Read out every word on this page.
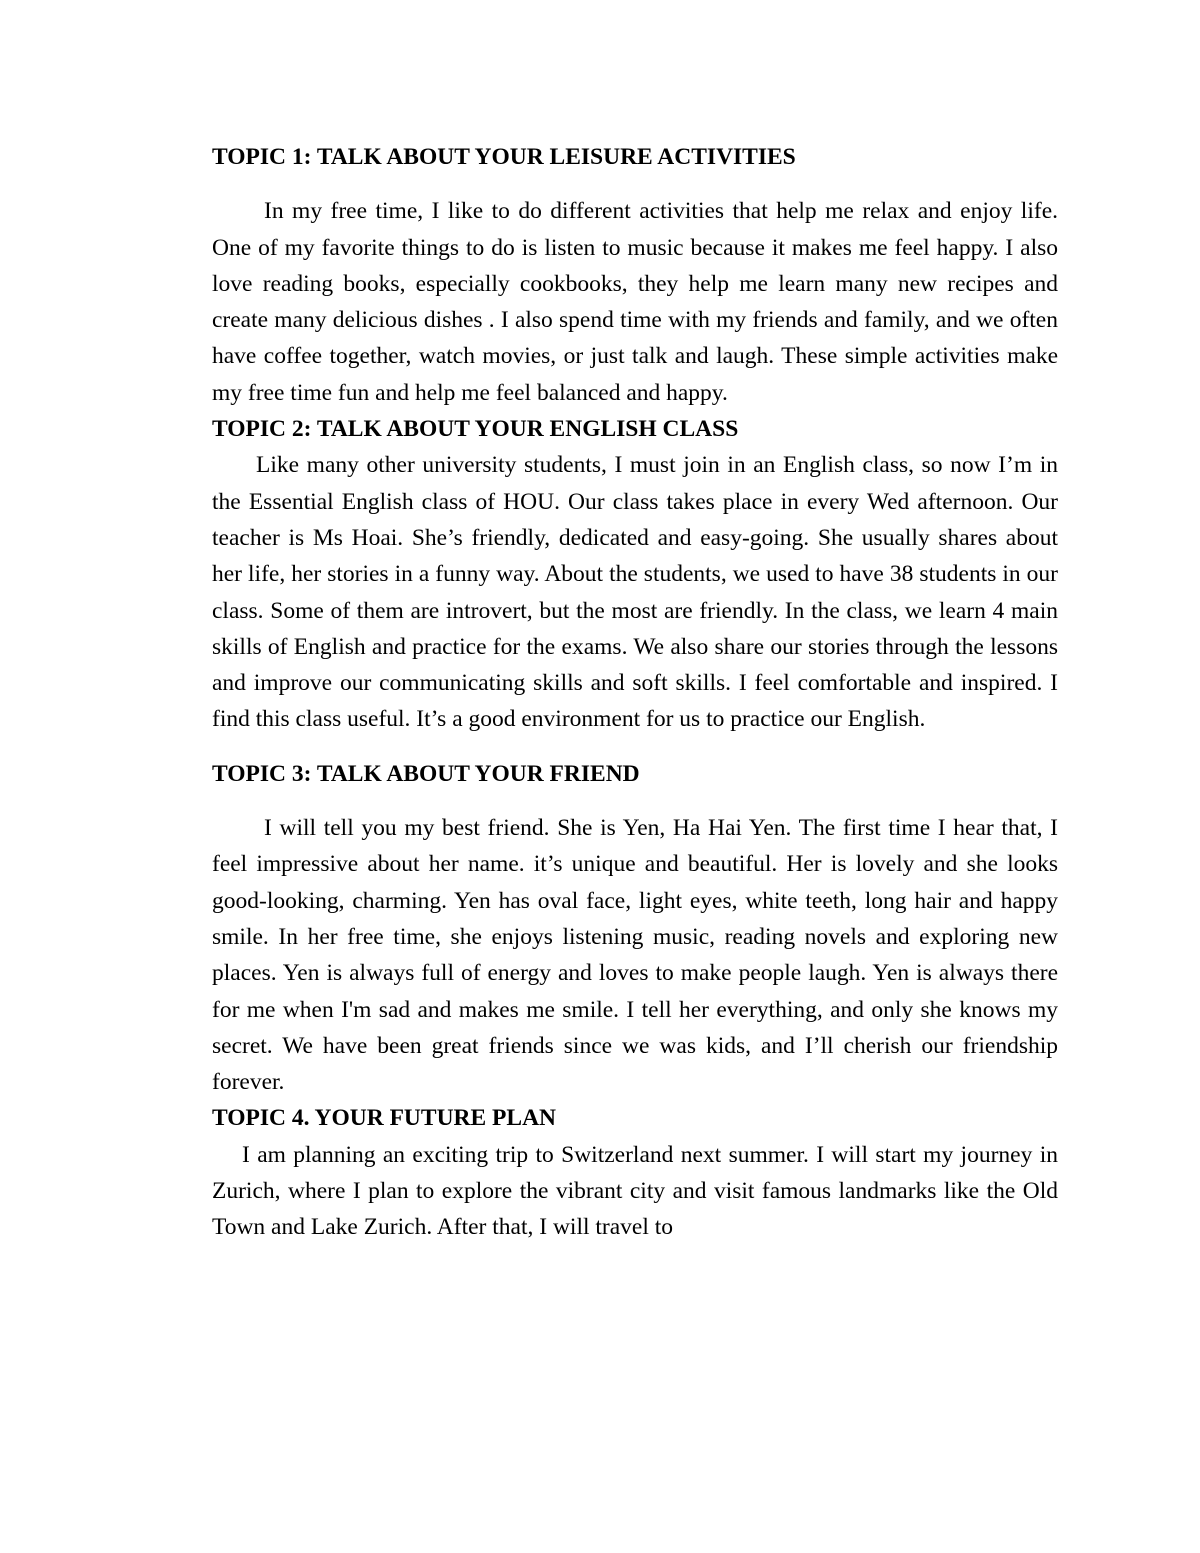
TOPIC 1: TALK ABOUT YOUR LEISURE ACTIVITIES

In my free time, I like to do different activities that help me relax and enjoy life. One of my favorite things to do is listen to music because it makes me feel happy. I also love reading books, especially cookbooks, they help me learn many new recipes and create many delicious dishes . I also spend time with my friends and family, and we often have coffee together, watch movies, or just talk and laugh. These simple activities make my free time fun and help me feel balanced and happy.

TOPIC 2: TALK ABOUT YOUR ENGLISH CLASS

Like many other university students, I must join in an English class, so now I’m in the Essential English class of HOU. Our class takes place in every Wed afternoon. Our teacher is Ms Hoai. She’s friendly, dedicated and easy-going. She usually shares about her life, her stories in a funny way. About the students, we used to have 38 students in our class. Some of them are introvert, but the most are friendly. In the class, we learn 4 main skills of English and practice for the exams. We also share our stories through the lessons and improve our communicating skills and soft skills. I feel comfortable and inspired. I find this class useful. It’s a good environment for us to practice our English.

TOPIC 3: TALK ABOUT YOUR FRIEND

I will tell you my best friend. She is Yen, Ha Hai Yen. The first time I hear that, I feel impressive about her name. it’s unique and beautiful. Her is lovely and she looks good-looking, charming. Yen has oval face, light eyes, white teeth, long hair and happy smile. In her free time, she enjoys listening music, reading novels and exploring new places. Yen is always full of energy and loves to make people laugh. Yen is always there for me when I'm sad and makes me smile. I tell her everything, and only she knows my secret. We have been great friends since we was kids, and I’ll cherish our friendship forever.

TOPIC 4. YOUR FUTURE PLAN

I am planning an exciting trip to Switzerland next summer. I will start my journey in Zurich, where I plan to explore the vibrant city and visit famous landmarks like the Old Town and Lake Zurich. After that, I will travel to
